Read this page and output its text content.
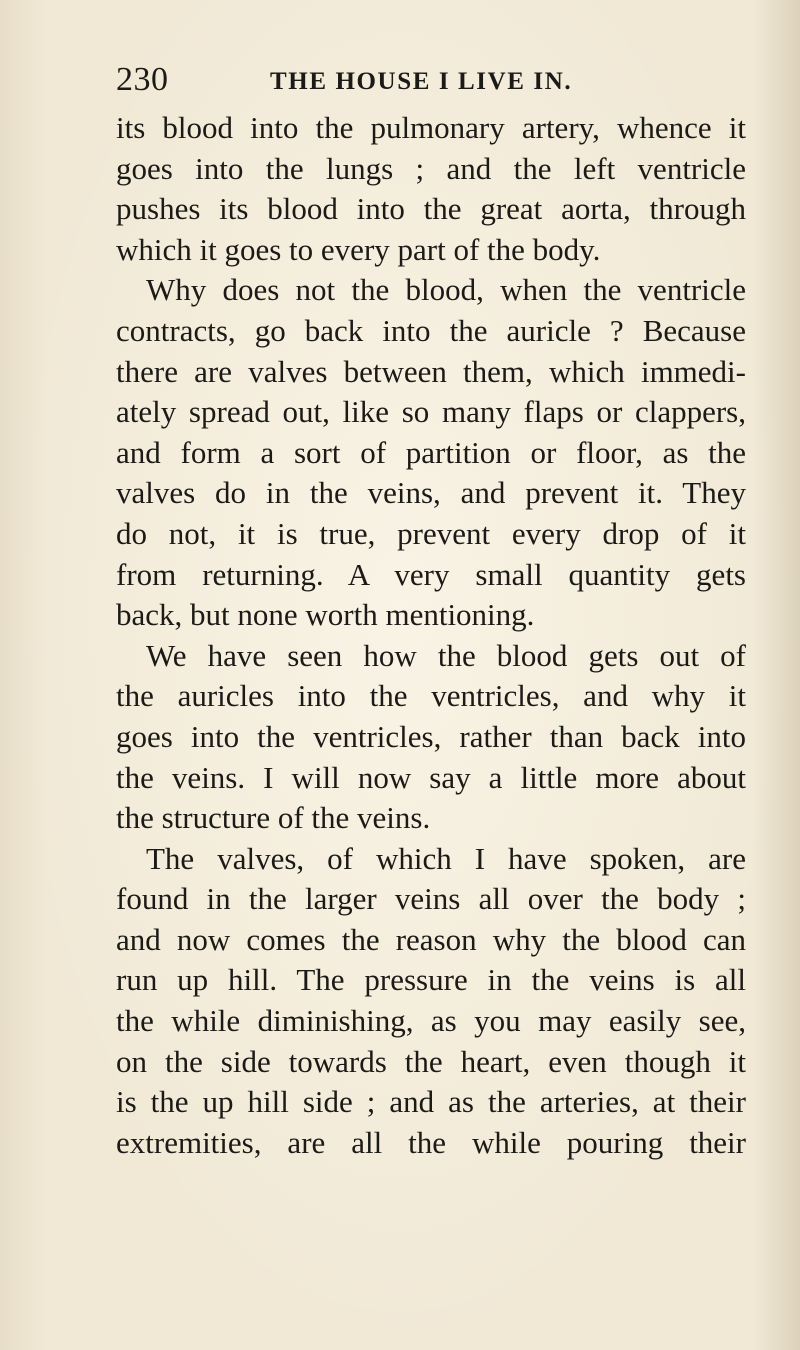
230	THE HOUSE I LIVE IN.
its blood into the pulmonary artery, whence it
goes into the lungs ; and the left ventricle
pushes its blood into the great aorta, through
which it goes to every part of the body.
Why does not the blood, when the ventricle
contracts, go back into the auricle ? Because
there are valves between them, which immedi-
ately spread out, like so many flaps or clappers,
and form a sort of partition or floor, as the
valves do in the veins, and prevent it. They
do not, it is true, prevent every drop of it
from returning. A very small quantity gets
back, but none worth mentioning.
We have seen how the blood gets out of
the auricles into the ventricles, and why it
goes into the ventricles, rather than back into
the veins. I will now say a little more about
the structure of the veins.
The valves, of which I have spoken, are
found in the larger veins all over the body ;
and now comes the reason why the blood can
run up hill. The pressure in the veins is all
the while diminishing, as you may easily see,
on the side towards the heart, even though it
is the up hill side ; and as the arteries, at their
extremities, are all the while pouring their
